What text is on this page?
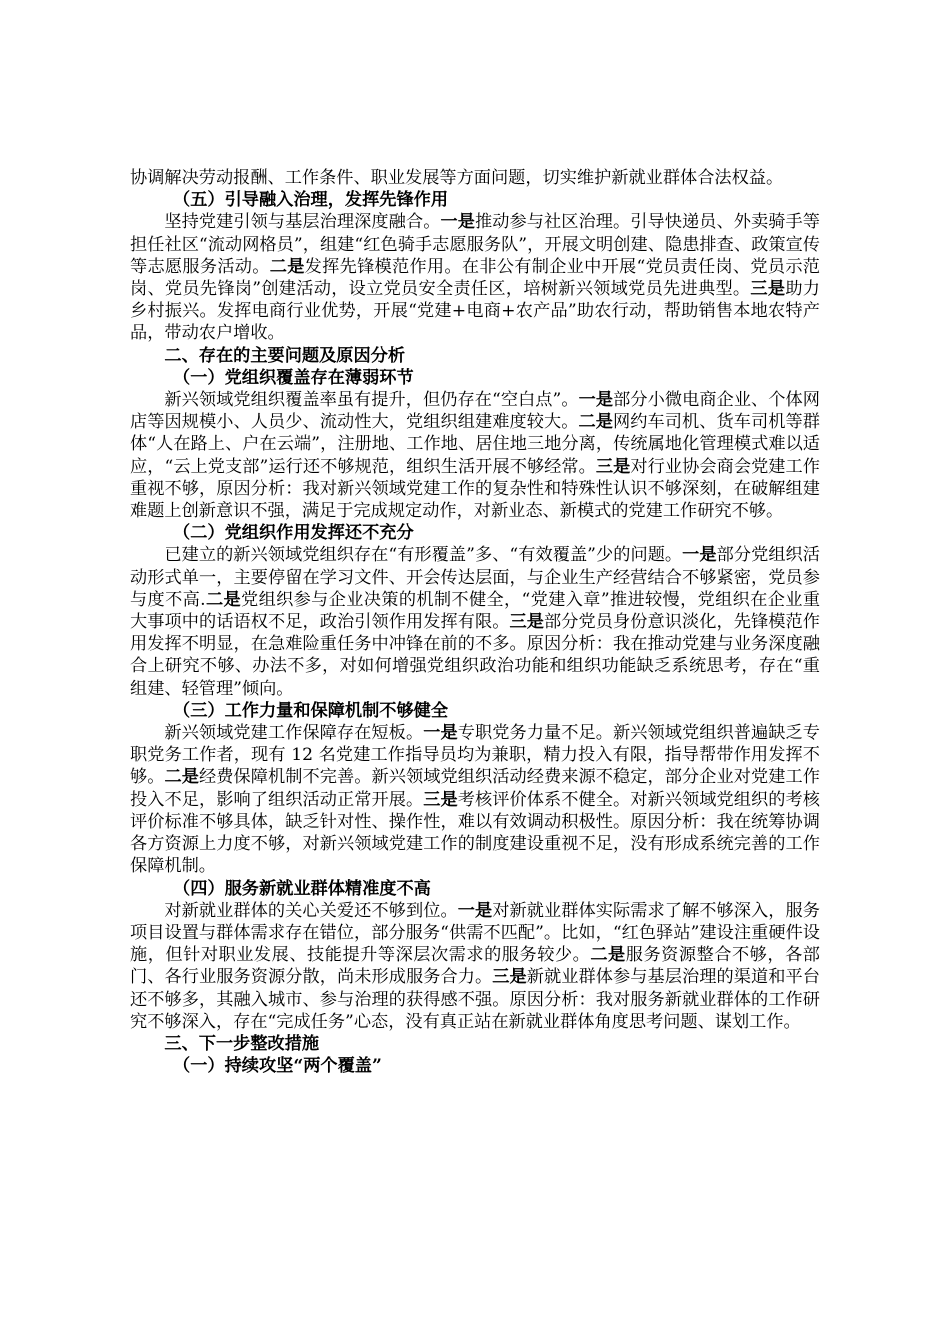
协调解决劳动报酬、工作条件、职业发展等方面问题，切实维护新就业群体合法权益。

（五）引导融入治理，发挥先锋作用

坚持党建引领与基层治理深度融合。一是推动参与社区治理。引导快递员、外卖骑手等担任社区“流动网格员”，组建“红色骑手志愿服务队”，开展文明创建、隐患排查、政策宣传等志愿服务活动。二是发挥先锋模范作用。在非公有制企业中开展“党员责任岗、党员示范岗、党员先锋岗”创建活动，设立党员安全责任区，培树新兴领域党员先进典型。三是助力乡村振兴。发挥电商行业优势，开展“党建+电商+农产品”助农行动，帮助销售本地农特产品，带动农户增收。

二、存在的主要问题及原因分析

（一）党组织覆盖存在薄弱环节

新兴领域党组织覆盖率虽有提升，但仍存在“空白点”。一是部分小微电商企业、个体网店等因规模小、人员少、流动性大，党组织组建难度较大。二是网约车司机、货车司机等群体“人在路上、户在云端”，注册地、工作地、居住地三地分离，传统属地化管理模式难以适应，“云上党支部”运行还不够规范，组织生活开展不够经常。三是对行业协会商会党建工作重视不够，原因分析：我对新兴领域党建工作的复杂性和特殊性认识不够深刻，在破解组建难题上创新意识不强，满足于完成规定动作，对新业态、新模式的党建工作研究不够。

（二）党组织作用发挥还不充分

已建立的新兴领域党组织存在“有形覆盖”多、“有效覆盖”少的问题。一是部分党组织活动形式单一，主要停留在学习文件、开会传达层面，与企业生产经营结合不够紧密，党员参与度不高.二是党组织参与企业决策的机制不健全，“党建入章”推进较慢，党组织在企业重大事项中的话语权不足，政治引领作用发挥有限。三是部分党员身份意识淡化，先锋模范作用发挥不明显，在急难险重任务中冲锋在前的不多。原因分析：我在推动党建与业务深度融合上研究不够、办法不多，对如何增强党组织政治功能和组织功能缺乏系统思考，存在“重组建、轻管理”倾向。

（三）工作力量和保障机制不够健全

新兴领域党建工作保障存在短板。一是专职党务力量不足。新兴领域党组织普遍缺乏专职党务工作者，现有 12 名党建工作指导员均为兼职，精力投入有限，指导帮带作用发挥不够。二是经费保障机制不完善。新兴领域党组织活动经费来源不稳定，部分企业对党建工作投入不足，影响了组织活动正常开展。三是考核评价体系不健全。对新兴领域党组织的考核评价标准不够具体，缺乏针对性、操作性，难以有效调动积极性。原因分析：我在统筹协调各方资源上力度不够，对新兴领域党建工作的制度建设重视不足，没有形成系统完善的工作保障机制。

（四）服务新就业群体精准度不高

对新就业群体的关心关爱还不够到位。一是对新就业群体实际需求了解不够深入，服务项目设置与群体需求存在错位，部分服务“供需不匹配”。比如，“红色驿站”建设注重硬件设施，但针对职业发展、技能提升等深层次需求的服务较少。二是服务资源整合不够，各部门、各行业服务资源分散，尚未形成服务合力。三是新就业群体参与基层治理的渠道和平台还不够多，其融入城市、参与治理的获得感不强。原因分析：我对服务新就业群体的工作研究不够深入，存在“完成任务”心态，没有真正站在新就业群体角度思考问题、谋划工作。

三、下一步整改措施

（一）持续攻坚“两个覆盖”
